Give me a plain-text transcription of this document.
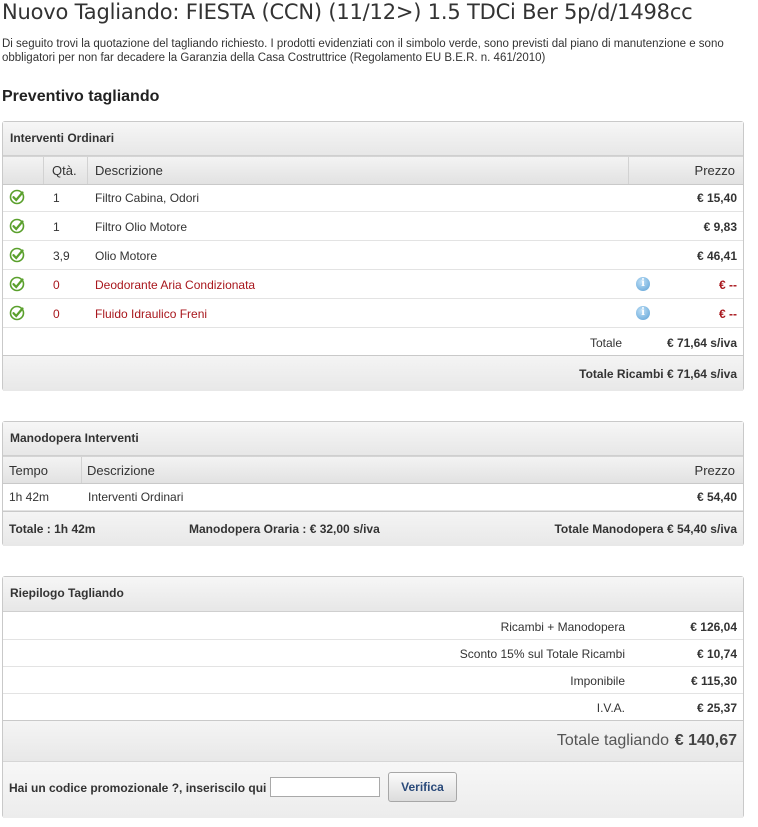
Nuovo Tagliando: FIESTA (CCN) (11/12>) 1.5 TDCi Ber 5p/d/1498cc
Di seguito trovi la quotazione del tagliando richiesto. I prodotti evidenziati con il simbolo verde, sono previsti dal piano di manutenzione e sono obbligatori per non far decadere la Garanzia della Casa Costruttrice (Regolamento EU B.E.R. n. 461/2010)
Preventivo tagliando
Interventi Ordinari
Qtà. Descrizione	Prezzo
1	Filtro Cabina, Odori	€ 15,40
1	Filtro Olio Motore	€ 9,83
3,9 Olio Motore	€ 46,41
0	Deodorante Aria Condizionata	i	€ --
0	Fluido Idraulico Freni	i	€ --
Totale	€ 71,64 s/iva
Totale Ricambi € 71,64 s/iva
Manodopera Interventi
Tempo	Descrizione	Prezzo
1h 42m	Interventi Ordinari	€ 54,40
Totale : 1h 42m	Manodopera Oraria : € 32,00 s/iva	Totale Manodopera € 54,40 s/iva
Riepilogo Tagliando
Ricambi + Manodopera	€ 126,04
Sconto 15% sul Totale Ricambi	€ 10,74
Imponibile	€ 115,30
I.V.A.	€ 25,37
Totale tagliando € 140,67
Hai un codice promozionale ?, inseriscilo qui	Verifica
